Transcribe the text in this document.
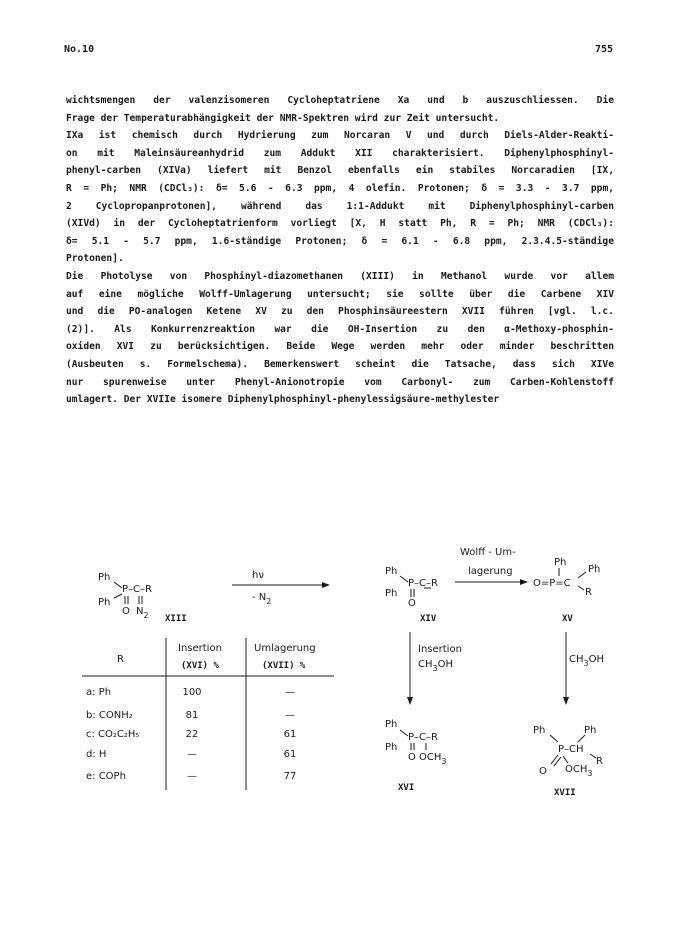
No.10	755
wichtsmengen der valenzisomeren Cycloheptatriene Xa und b auszuschliessen. Die
Frage der Temperaturabhängigkeit der NMR-Spektren wird zur Zeit untersucht.
IXa ist chemisch durch Hydrierung zum Norcaran V und durch Diels-Alder-Reakti-
on mit Maleinsäureanhydrid zum Addukt XII charakterisiert. Diphenylphosphinyl-
phenyl-carben (XIVa) liefert mit Benzol ebenfalls ein stabiles Norcaradien [IX,
R = Ph; NMR (CDCl₃): δ= 5.6 - 6.3 ppm, 4 olefin. Protonen; δ = 3.3 - 3.7 ppm,
2 Cyclopropanprotonen], während das 1:1-Addukt mit Diphenylphosphinyl-carben
(XIVd) in der Cycloheptatrienform vorliegt [X, H statt Ph, R = Ph; NMR (CDCl₃):
δ= 5.1 - 5.7 ppm, 1.6-ständige Protonen; δ = 6.1 - 6.8 ppm, 2.3.4.5-ständige
Protonen].
Die Photolyse von Phosphinyl-diazomethanen (XIII) in Methanol wurde vor allem
auf eine mögliche Wolff-Umlagerung untersucht; sie sollte über die Carbene XIV
und die PO-analogen Ketene XV zu den Phosphinsäureestern XVII führen [vgl. l.c.
(2)]. Als Konkurrenzreaktion war die OH-Insertion zu den α-Methoxy-phosphin-
oxiden XVI zu berücksichtigen. Beide Wege werden mehr oder minder beschritten
(Ausbeuten s. Formelschema). Bemerkenswert scheint die Tatsache, dass sich XIVe
nur spurenweise unter Phenyl-Anionotropie vom Carbonyl- zum Carben-Kohlenstoff
umlagert. Der XVIIe isomere Diphenylphosphinyl-phenylessigsäure-methylester
Ph
P–C–R
Ph
O $N_2$ XIII
hν
- $N_2$
Ph
P–C–R
Ph
O
XIV
Wolff - Um-
lagerung
Ph
O=P=C
Ph
R
XV
Insertion
$CH_3OH$	$CH_3OH$
Ph
P–C–R
Ph
O $OCH_3$
XVI
Ph	Ph
P–CH
R
O $OCH_3$
XVII
R
Insertion
(XVI) %
Umlagerung
(XVII) %
a: Ph	100	—
b: CONH₂	81	—
c: CO₂C₂H₅	22	61
d: H	—	61
e: COPh	—	77
